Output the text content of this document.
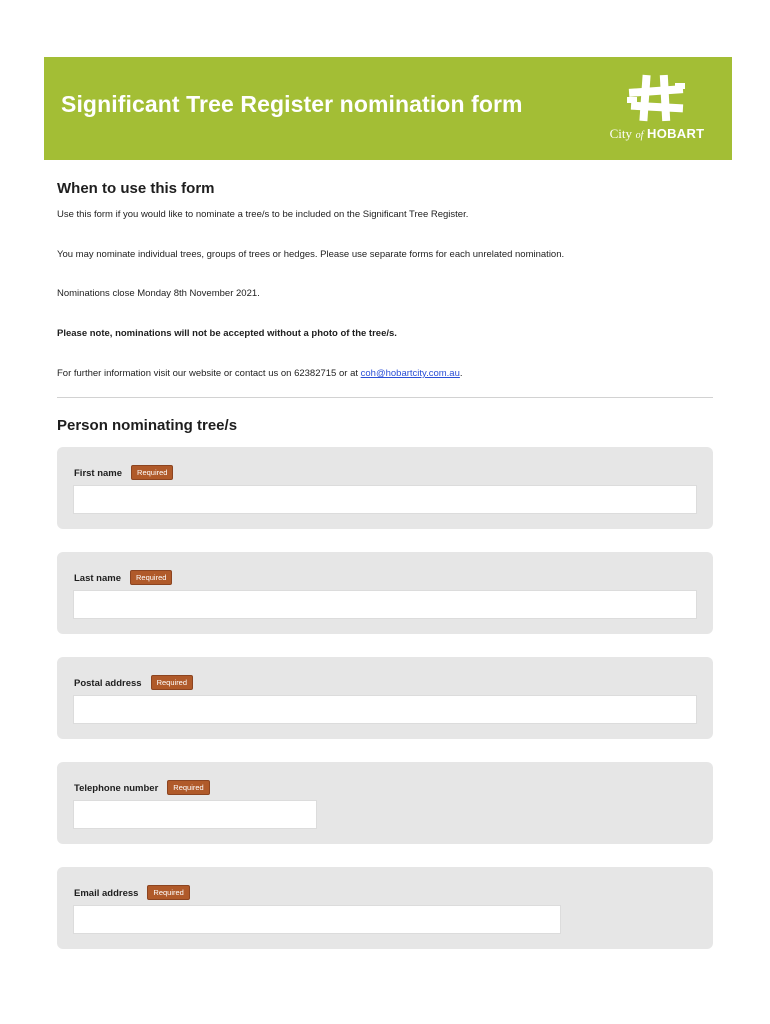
Significant Tree Register nomination form
City of HOBART
When to use this form

Use this form if you would like to nominate a tree/s to be included on the Significant Tree Register.

You may nominate individual trees, groups of trees or hedges. Please use separate forms for each unrelated nomination.

Nominations close Monday 8th November 2021.

Please note, nominations will not be accepted without a photo of the tree/s.

For further information visit our website or contact us on 62382715 or at coh@hobartcity.com.au.

Person nominating tree/s
First name Required
Last name Required
Postal address Required
Telephone number Required
Email address Required
